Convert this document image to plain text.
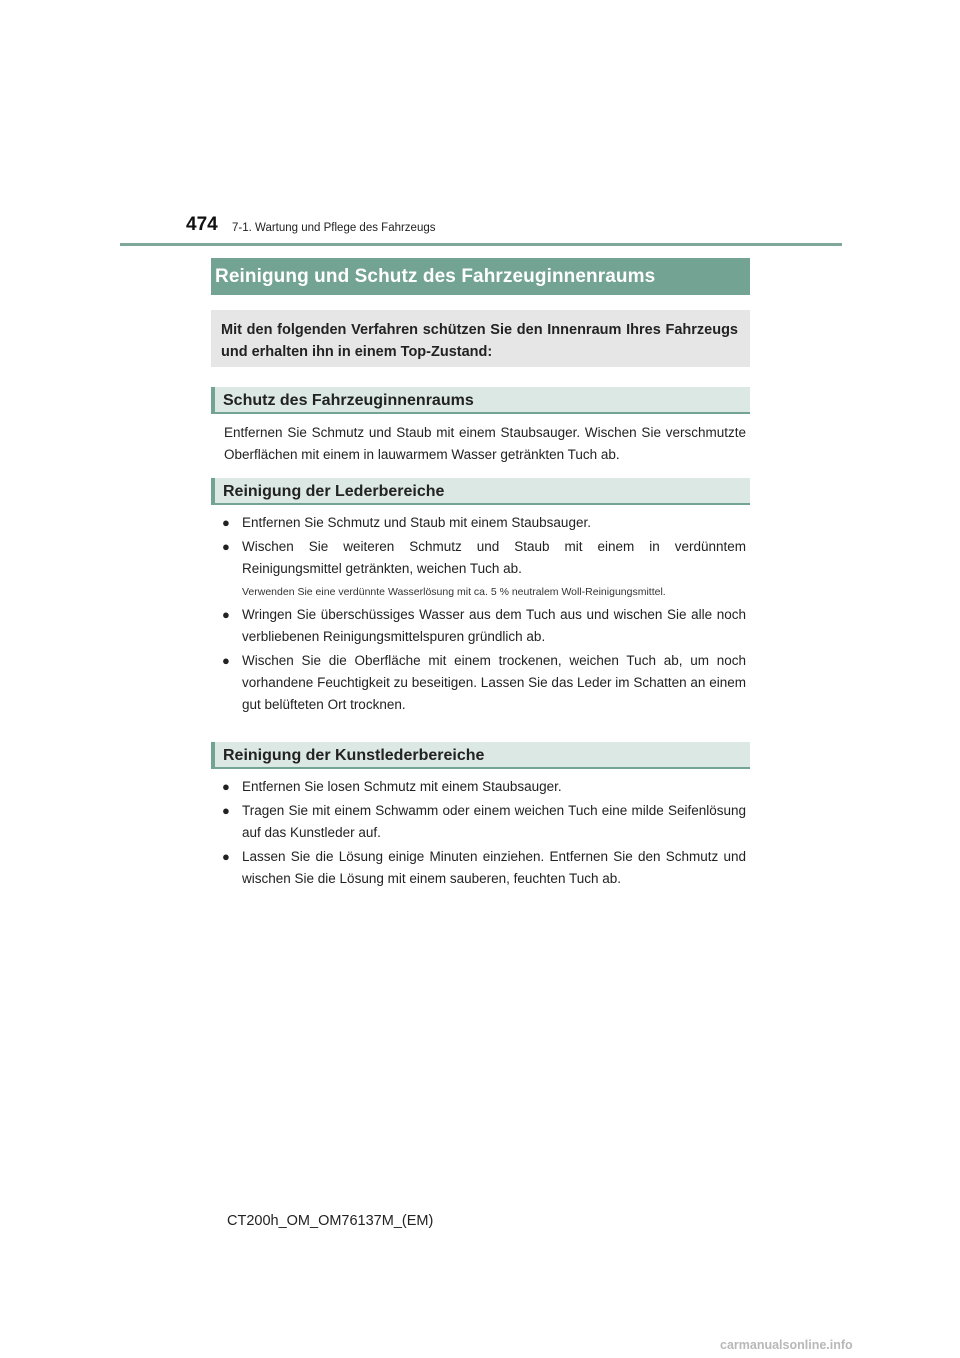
474 7-1. Wartung und Pflege des Fahrzeugs
Reinigung und Schutz des Fahrzeuginnenraums
Mit den folgenden Verfahren schützen Sie den Innenraum Ihres Fahrzeugs und erhalten ihn in einem Top-Zustand:
Schutz des Fahrzeuginnenraums
Entfernen Sie Schmutz und Staub mit einem Staubsauger. Wischen Sie verschmutzte Oberflächen mit einem in lauwarmem Wasser getränkten Tuch ab.
Reinigung der Lederbereiche
● Entfernen Sie Schmutz und Staub mit einem Staubsauger.
● Wischen Sie weiteren Schmutz und Staub mit einem in verdünntem Reinigungsmittel getränkten, weichen Tuch ab.
Verwenden Sie eine verdünnte Wasserlösung mit ca. 5 % neutralem Woll-Reinigungsmittel.
● Wringen Sie überschüssiges Wasser aus dem Tuch aus und wischen Sie alle noch verbliebenen Reinigungsmittelspuren gründlich ab.
● Wischen Sie die Oberfläche mit einem trockenen, weichen Tuch ab, um noch vorhandene Feuchtigkeit zu beseitigen. Lassen Sie das Leder im Schatten an einem gut belüfteten Ort trocknen.
Reinigung der Kunstlederbereiche
● Entfernen Sie losen Schmutz mit einem Staubsauger.
● Tragen Sie mit einem Schwamm oder einem weichen Tuch eine milde Seifenlösung auf das Kunstleder auf.
● Lassen Sie die Lösung einige Minuten einziehen. Entfernen Sie den Schmutz und wischen Sie die Lösung mit einem sauberen, feuchten Tuch ab.
CT200h_OM_OM76137M_(EM)
carmanualsonline.info
